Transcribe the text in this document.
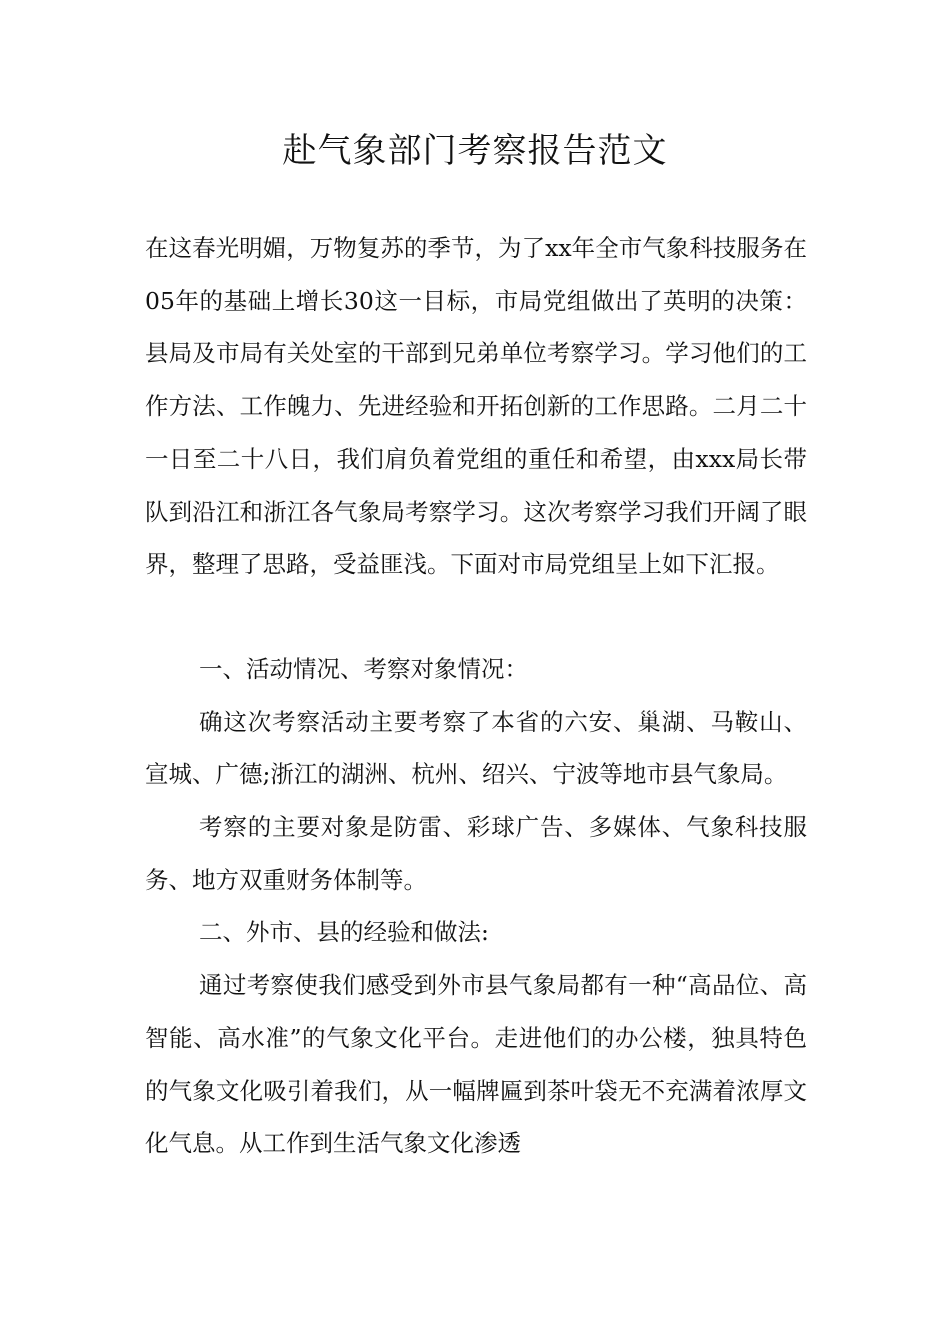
赴气象部门考察报告范文

在这春光明媚，万物复苏的季节，为了xx年全市气象科技服务在05年的基础上增长30这一目标，市局党组做出了英明的决策：县局及市局有关处室的干部到兄弟单位考察学习。学习他们的工作方法、工作魄力、先进经验和开拓创新的工作思路。二月二十一日至二十八日，我们肩负着党组的重任和希望，由xxx局长带队到沿江和浙江各气象局考察学习。这次考察学习我们开阔了眼界，整理了思路，受益匪浅。下面对市局党组呈上如下汇报。

一、活动情况、考察对象情况：

确这次考察活动主要考察了本省的六安、巢湖、马鞍山、宣城、广德;浙江的湖洲、杭州、绍兴、宁波等地市县气象局。

考察的主要对象是防雷、彩球广告、多媒体、气象科技服务、地方双重财务体制等。

二、外市、县的经验和做法:

通过考察使我们感受到外市县气象局都有一种“高品位、高智能、高水准”的气象文化平台。走进他们的办公楼，独具特色的气象文化吸引着我们，从一幅牌匾到茶叶袋无不充满着浓厚文化气息。从工作到生活气象文化渗透
